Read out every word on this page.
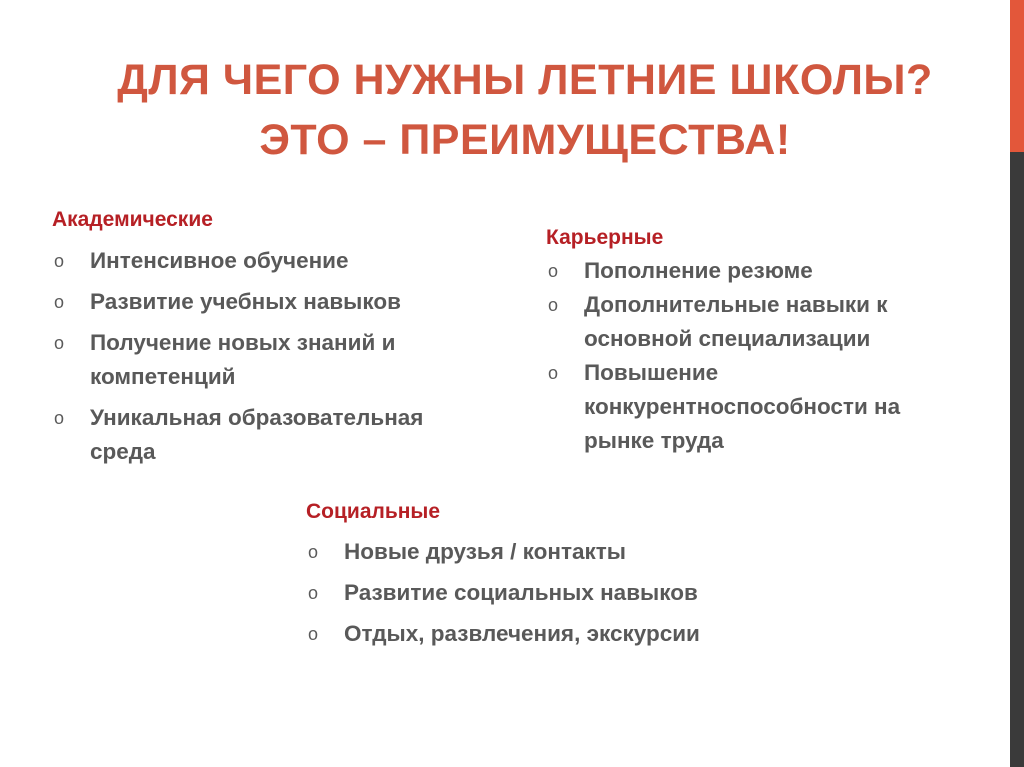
ДЛЯ ЧЕГО НУЖНЫ ЛЕТНИЕ ШКОЛЫ?
ЭТО – ПРЕИМУЩЕСТВА!
Академические
o Интенсивное обучение
o Развитие учебных навыков
o Получение новых знаний и компетенций
o Уникальная образовательная среда
Карьерные
o Пополнение резюме
o Дополнительные навыки к основной специализации
o Повышение конкурентноспособности на рынке труда
Социальные
o Новые друзья / контакты
o Развитие социальных навыков
o Отдых, развлечения, экскурсии
